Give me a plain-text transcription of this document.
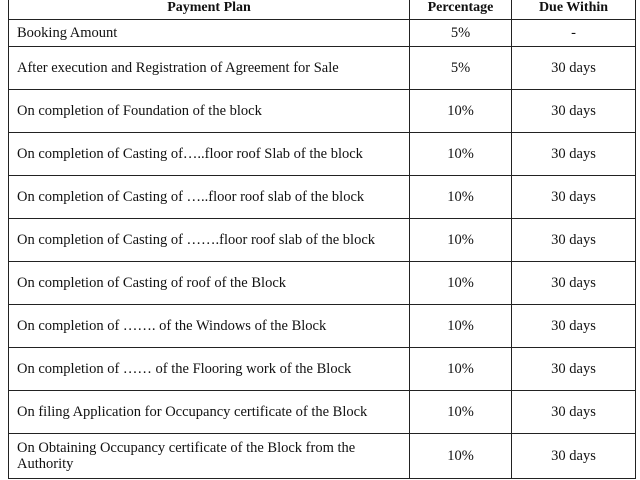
Payment Plan	Percentage	Due Within
Booking Amount	5%	-
After execution and Registration of Agreement for Sale	5%	30 days
On completion of Foundation of the block	10%	30 days
On completion of Casting of…..floor roof Slab of the block	10%	30 days
On completion of Casting of …..floor roof slab of the block	10%	30 days
On completion of Casting of …….floor roof slab of the block	10%	30 days
On completion of Casting of roof of the Block	10%	30 days
On completion of ……. of the Windows of the Block	10%	30 days
On completion of …… of the Flooring work of the Block	10%	30 days
On filing Application for Occupancy certificate of the Block	10%	30 days
On Obtaining Occupancy certificate of the Block from the Authority	10%	30 days
